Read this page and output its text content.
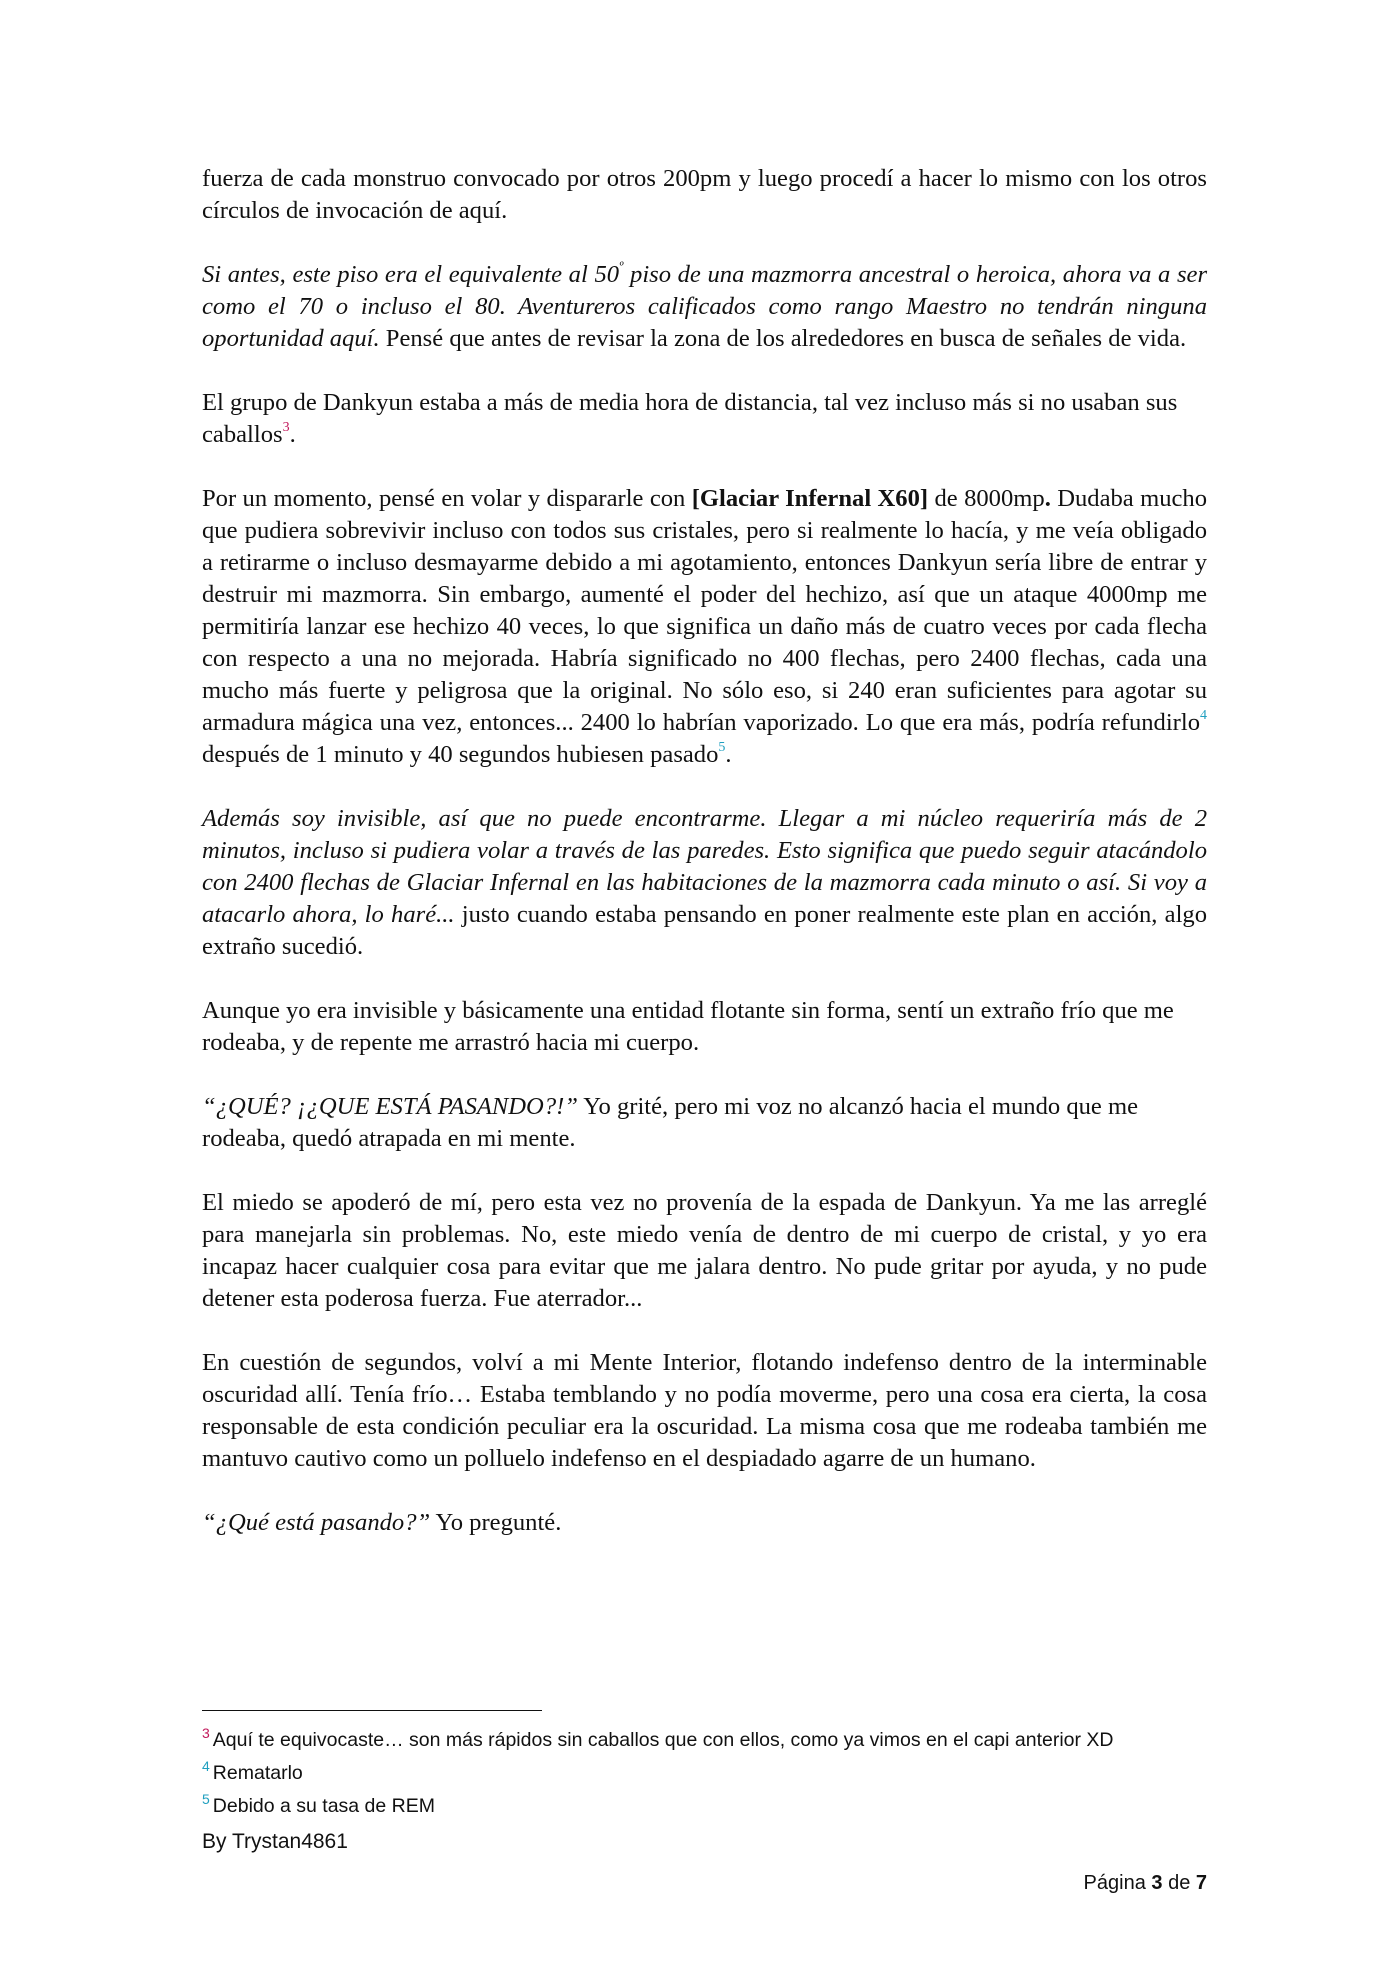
fuerza de cada monstruo convocado por otros 200pm y luego procedí a hacer lo mismo con los otros círculos de invocación de aquí.

Si antes, este piso era el equivalente al $50^º$ piso de una mazmorra ancestral o heroica, ahora va a ser como el 70 o incluso el 80. Aventureros calificados como rango Maestro no tendrán ninguna oportunidad aquí. Pensé que antes de revisar la zona de los alrededores en busca de señales de vida.

El grupo de Dankyun estaba a más de media hora de distancia, tal vez incluso más si no usaban sus caballos$^3$.

Por un momento, pensé en volar y dispararle con [Glaciar Infernal X60] de 8000mp. Dudaba mucho que pudiera sobrevivir incluso con todos sus cristales, pero si realmente lo hacía, y me veía obligado a retirarme o incluso desmayarme debido a mi agotamiento, entonces Dankyun sería libre de entrar y destruir mi mazmorra. Sin embargo, aumenté el poder del hechizo, así que un ataque 4000mp me permitiría lanzar ese hechizo 40 veces, lo que significa un daño más de cuatro veces por cada flecha con respecto a una no mejorada. Habría significado no 400 flechas, pero 2400 flechas, cada una mucho más fuerte y peligrosa que la original. No sólo eso, si 240 eran suficientes para agotar su armadura mágica una vez, entonces... 2400 lo habrían vaporizado. Lo que era más, podría refundirlo$^4$ después de 1 minuto y 40 segundos hubiesen pasado$^5$.

Además soy invisible, así que no puede encontrarme. Llegar a mi núcleo requeriría más de 2 minutos, incluso si pudiera volar a través de las paredes. Esto significa que puedo seguir atacándolo con 2400 flechas de Glaciar Infernal en las habitaciones de la mazmorra cada minuto o así. Si voy a atacarlo ahora, lo haré... justo cuando estaba pensando en poner realmente este plan en acción, algo extraño sucedió.

Aunque yo era invisible y básicamente una entidad flotante sin forma, sentí un extraño frío que me rodeaba, y de repente me arrastró hacia mi cuerpo.

“¿QUÉ? ¡¿QUE ESTÁ PASANDO?!” Yo grité, pero mi voz no alcanzó hacia el mundo que me rodeaba, quedó atrapada en mi mente.

El miedo se apoderó de mí, pero esta vez no provenía de la espada de Dankyun. Ya me las arreglé para manejarla sin problemas. No, este miedo venía de dentro de mi cuerpo de cristal, y yo era incapaz hacer cualquier cosa para evitar que me jalara dentro. No pude gritar por ayuda, y no pude detener esta poderosa fuerza. Fue aterrador...

En cuestión de segundos, volví a mi Mente Interior, flotando indefenso dentro de la interminable oscuridad allí. Tenía frío… Estaba temblando y no podía moverme, pero una cosa era cierta, la cosa responsable de esta condición peculiar era la oscuridad. La misma cosa que me rodeaba también me mantuvo cautivo como un polluelo indefenso en el despiadado agarre de un humano.

“¿Qué está pasando?” Yo pregunté.

$^3$ Aquí te equivocaste… son más rápidos sin caballos que con ellos, como ya vimos en el capi anterior XD
$^4$ Rematarlo
$^5$ Debido a su tasa de REM
By Trystan4861
Página 3 de 7
